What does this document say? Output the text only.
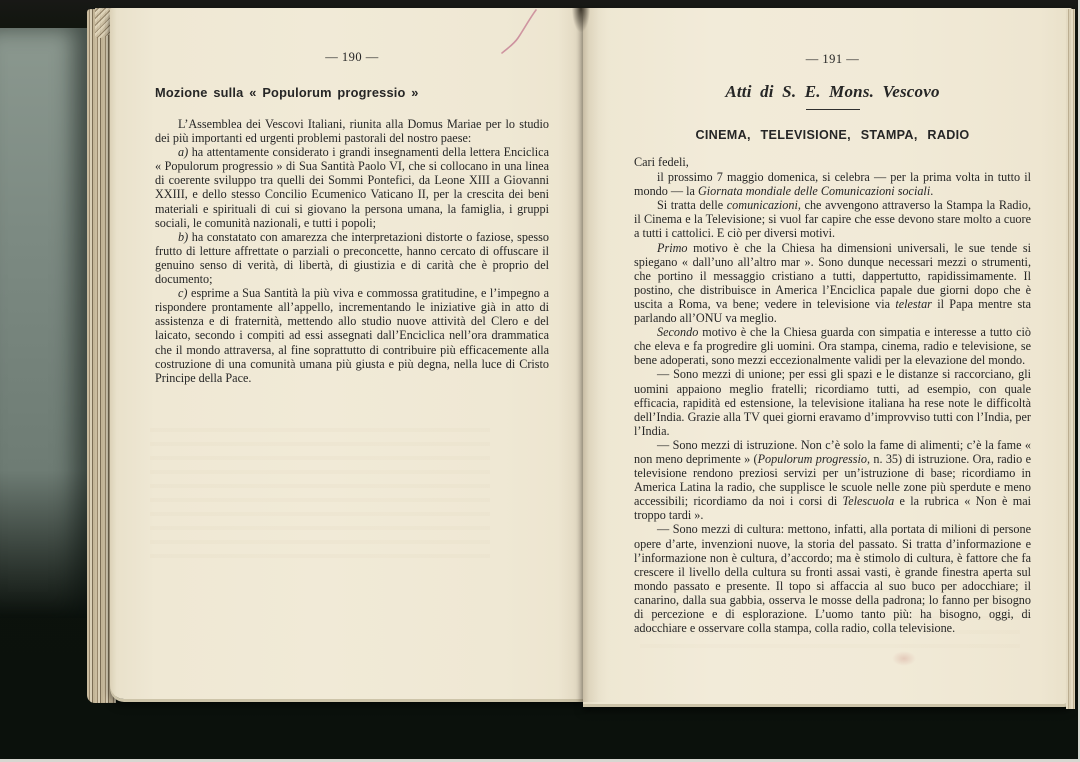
— 190 —

Mozione sulla « Populorum progressio »

L’Assemblea dei Vescovi Italiani, riunita alla Domus Mariae per lo studio dei più importanti ed urgenti problemi pastorali del nostro paese:

a) ha attentamente considerato i grandi insegnamenti della lettera Enciclica « Populorum progressio » di Sua Santità Paolo VI, che si collocano in una linea di coerente sviluppo tra quelli dei Sommi Pontefici, da Leone XIII a Giovanni XXIII, e dello stesso Concilio Ecumenico Vaticano II, per la crescita dei beni materiali e spirituali di cui si giovano la persona umana, la famiglia, i gruppi sociali, le comunità nazionali, e tutti i popoli;

b) ha constatato con amarezza che interpretazioni distorte o faziose, spesso frutto di letture affrettate o parziali o preconcette, hanno cercato di offuscare il genuino senso di verità, di libertà, di giustizia e di carità che è proprio del documento;

c) esprime a Sua Santità la più viva e commossa gratitudine, e l’impegno a rispondere prontamente all’appello, incrementando le iniziative già in atto di assistenza e di fraternità, mettendo allo studio nuove attività del Clero e del laicato, secondo i compiti ad essi assegnati dall’Enciclica nell’ora drammatica che il mondo attraversa, al fine soprattutto di contribuire più efficacemente alla costruzione di una comunità umana più giusta e più degna, nella luce di Cristo Principe della Pace.

— 191 —

Atti di S. E. Mons. Vescovo

CINEMA, TELEVISIONE, STAMPA, RADIO

Cari fedeli,

il prossimo 7 maggio domenica, si celebra — per la prima volta in tutto il mondo — la Giornata mondiale delle Comunicazioni sociali.

Si tratta delle comunicazioni, che avvengono attraverso la Stampa la Radio, il Cinema e la Televisione; si vuol far capire che esse devono stare molto a cuore a tutti i cattolici. E ciò per diversi motivi.

Primo motivo è che la Chiesa ha dimensioni universali, le sue tende si spiegano « dall’uno all’altro mar ». Sono dunque necessari mezzi o strumenti, che portino il messaggio cristiano a tutti, dappertutto, rapidissimamente. Il postino, che distribuisce in America l’Enciclica papale due giorni dopo che è uscita a Roma, va bene; vedere in televisione via telestar il Papa mentre sta parlando all’ONU va meglio.

Secondo motivo è che la Chiesa guarda con simpatia e interesse a tutto ciò che eleva e fa progredire gli uomini. Ora stampa, cinema, radio e televisione, se bene adoperati, sono mezzi eccezionalmente validi per la elevazione del mondo.

— Sono mezzi di unione; per essi gli spazi e le distanze si raccorciano, gli uomini appaiono meglio fratelli; ricordiamo tutti, ad esempio, con quale efficacia, rapidità ed estensione, la televisione italiana ha rese note le difficoltà dell’India. Grazie alla TV quei giorni eravamo d’improvviso tutti con l’India, per l’India.

— Sono mezzi di istruzione. Non c’è solo la fame di alimenti; c’è la fame « non meno deprimente » (Populorum progressio, n. 35) di istruzione. Ora, radio e televisione rendono preziosi servizi per un’istruzione di base; ricordiamo in America Latina la radio, che supplisce le scuole nelle zone più sperdute e meno accessibili; ricordiamo da noi i corsi di Telescuola e la rubrica « Non è mai troppo tardi ».

— Sono mezzi di cultura: mettono, infatti, alla portata di milioni di persone opere d’arte, invenzioni nuove, la storia del passato. Si tratta d’informazione e l’informazione non è cultura, d’accordo; ma è stimolo di cultura, è fattore che fa crescere il livello della cultura su fronti assai vasti, è grande finestra aperta sul mondo passato e presente. Il topo si affaccia al suo buco per adocchiare; il canarino, dalla sua gabbia, osserva le mosse della padrona; lo fanno per bisogno di percezione e di esplorazione. L’uomo tanto più: ha bisogno, oggi, di adocchiare e osservare colla stampa, colla radio, colla televisione.
